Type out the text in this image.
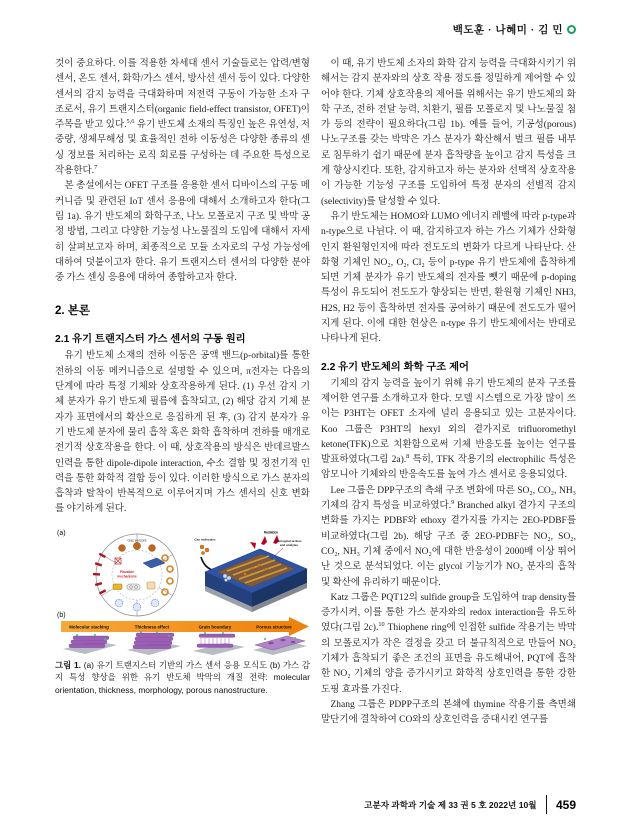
백도훈 · 나혜미 · 김 민

것이 중요하다. 이를 적용한 차세대 센서 기술들로는 압력/변형 센서, 온도 센서, 화학/가스 센서, 방사선 센서 등이 있다. 다양한 센서의 감지 능력을 극대화하며 저전력 구동이 가능한 소자 구조로서, 유기 트랜지스터(organic field-effect transistor, OFET)이 주목을 받고 있다.$^{5,6}$ 유기 반도체 소재의 특징인 높은 유연성, 저중량, 생체무해성 및 효율적인 전하 이동성은 다양한 종류의 센싱 정보를 처리하는 로직 회로를 구성하는 데 주요한 특성으로 작용한다.$^7$

본 총설에서는 OFET 구조를 응용한 센서 디바이스의 구동 메커니즘 및 관련된 IoT 센서 응용에 대해서 소개하고자 한다(그림 1a). 유기 반도체의 화학구조, 나노 모폴로지 구조 및 박막 공정 방법, 그리고 다양한 기능성 나노물질의 도입에 대해서 자세히 살펴보고자 하며, 최종적으로 모듈 소자로의 구성 가능성에 대하여 덧붙이고자 한다. 유기 트랜지스터 센서의 다양한 분야 중 가스 센싱 응용에 대하여 종합하고자 한다.

2. 본론
2.1 유기 트랜지스터 가스 센서의 구동 원리

유기 반도체 소재의 전하 이동은 공액 밴드(p-orbital)를 통한 전하의 이동 메커니즘으로 설명할 수 있으며, π전자는 다음의 단계에 따라 특정 기체와 상호작용하게 된다. (1) 우선 감지 기체 분자가 유기 반도체 필름에 흡착되고, (2) 해당 감지 기체 분자가 표면에서의 확산으로 응집하게 된 후, (3) 감지 분자가 유기 반도체 분자에 물리 흡착 혹은 화학 흡착하며 전하를 매개로 전기적 상호작용을 한다. 이 때, 상호작용의 방식은 반데르발스 인력을 통한 dipole-dipole interaction, 수소 결합 및 정전기적 인력을 통한 화학적 결합 등이 있다. 이러한 방식으로 가스 분자의 흡착과 탈착이 반복적으로 이루어지며 가스 센서의 신호 변화를 야기하게 된다.

(a)
Gas sensors
Plausible
mechanisms
Radiation
Gas molecules	Biological probes
and analytes
(b)
Molecular stacking	Thickness effect	Grain boundary	Porous structure
그림 1. (a) 유기 트랜지스터 기반의 가스 센서 응용 모식도 (b) 가스 감지 특성 향상을 위한 유기 반도체 박막의 개질 전략: molecular orientation, thickness, morphology, porous nanostructure.

이 때, 유기 반도체 소자의 화학 감지 능력을 극대화시키기 위해서는 감지 분자와의 상호 작용 정도를 정밀하게 제어할 수 있어야 한다. 기체 상호작용의 제어를 위해서는 유기 반도체의 화학 구조, 전하 전달 능력, 치환기, 필름 모폴로지 및 나노물질 첨가 등의 전략이 필요하다(그림 1b). 예를 들어, 기공성(porous) 나노구조를 갖는 박막은 가스 분자가 확산해서 벌크 필름 내부로 침투하기 쉽기 때문에 분자 흡착량을 높이고 감지 특성을 크게 향상시킨다. 또한, 감지하고자 하는 분자와 선택적 상호작용이 가능한 기능성 구조를 도입하여 특정 분자의 선별적 감지(selectivity)를 달성할 수 있다.

유기 반도체는 HOMO와 LUMO 에너지 레벨에 따라 p-type과 n-type으로 나뉜다. 이 때, 감지하고자 하는 가스 기체가 산화형인지 환원형인지에 따라 전도도의 변화가 다르게 나타난다. 산화형 기체인 NO₂, O₂, Cl₂ 등이 p-type 유기 반도체에 흡착하게 되면 기체 분자가 유기 반도체의 전자를 뺏기 때문에 p-doping 특성이 유도되어 전도도가 향상되는 반면, 환원형 기체인 NH3, H2S, H2 등이 흡착하면 전자를 공여하기 때문에 전도도가 떨어지게 된다. 이에 대한 현상은 n-type 유기 반도체에서는 반대로 나타나게 된다.

2.2 유기 반도체의 화학 구조 제어

기체의 감지 능력을 높이기 위해 유기 반도체의 분자 구조를 제어한 연구를 소개하고자 한다. 모델 시스템으로 가장 많이 쓰이는 P3HT는 OFET 소자에 널리 응용되고 있는 고분자이다. Koo 그룹은 P3HT의 hexyl 외의 곁가지로 trifluoromethyl ketone(TFK)으로 치환함으로써 기체 반응도를 높이는 연구를 발표하였다(그림 2a).$^8$ 특히, TFK 작용기의 electrophilic 특성은 암모니아 기체와의 반응속도를 높여 가스 센서로 응용되었다.

Lee 그룹은 DPP구조의 측쇄 구조 변화에 따른 SO₂, CO₂, NH₃ 기체의 감지 특성을 비교하였다.$^9$ Branched alkyl 곁가지 구조의 변화를 가지는 PDBF와 ethoxy 곁가지를 가지는 2EO-PDBF를 비교하였다(그림 2b). 해당 구조 중 2EO-PDBF는 NO₂, SO₂, CO₂, NH₃ 기체 중에서 NO₂에 대한 반응성이 2000배 이상 뛰어난 것으로 분석되었다. 이는 glycol 기능기가 NO₂ 분자의 흡착 및 확산에 유리하기 때문이다.

Katz 그룹은 PQT12의 sulfide group을 도입하여 trap density를 증가시켜, 이를 통한 가스 분자와의 redox interaction을 유도하였다(그림 2c).$^{10}$ Thiophene ring에 인접한 sulfide 작용기는 박막의 모폴로지가 작은 결정을 갖고 더 불규칙적으로 만들어 NO₂ 기체가 흡착되기 좋은 조건의 표면을 유도해내어, PQT에 흡착한 NO₂ 기체의 양을 증가시키고 화학적 상호인력을 통한 강한 도핑 효과를 가진다.

Zhang 그룹은 PDPP구조의 본쇄에 thymine 작용기를 측면쇄 말단기에 결착하여 CO와의 상호인력을 증대시킨 연구를

고분자 과학과 기술 제 33 권 5 호 2022년 10월 459
